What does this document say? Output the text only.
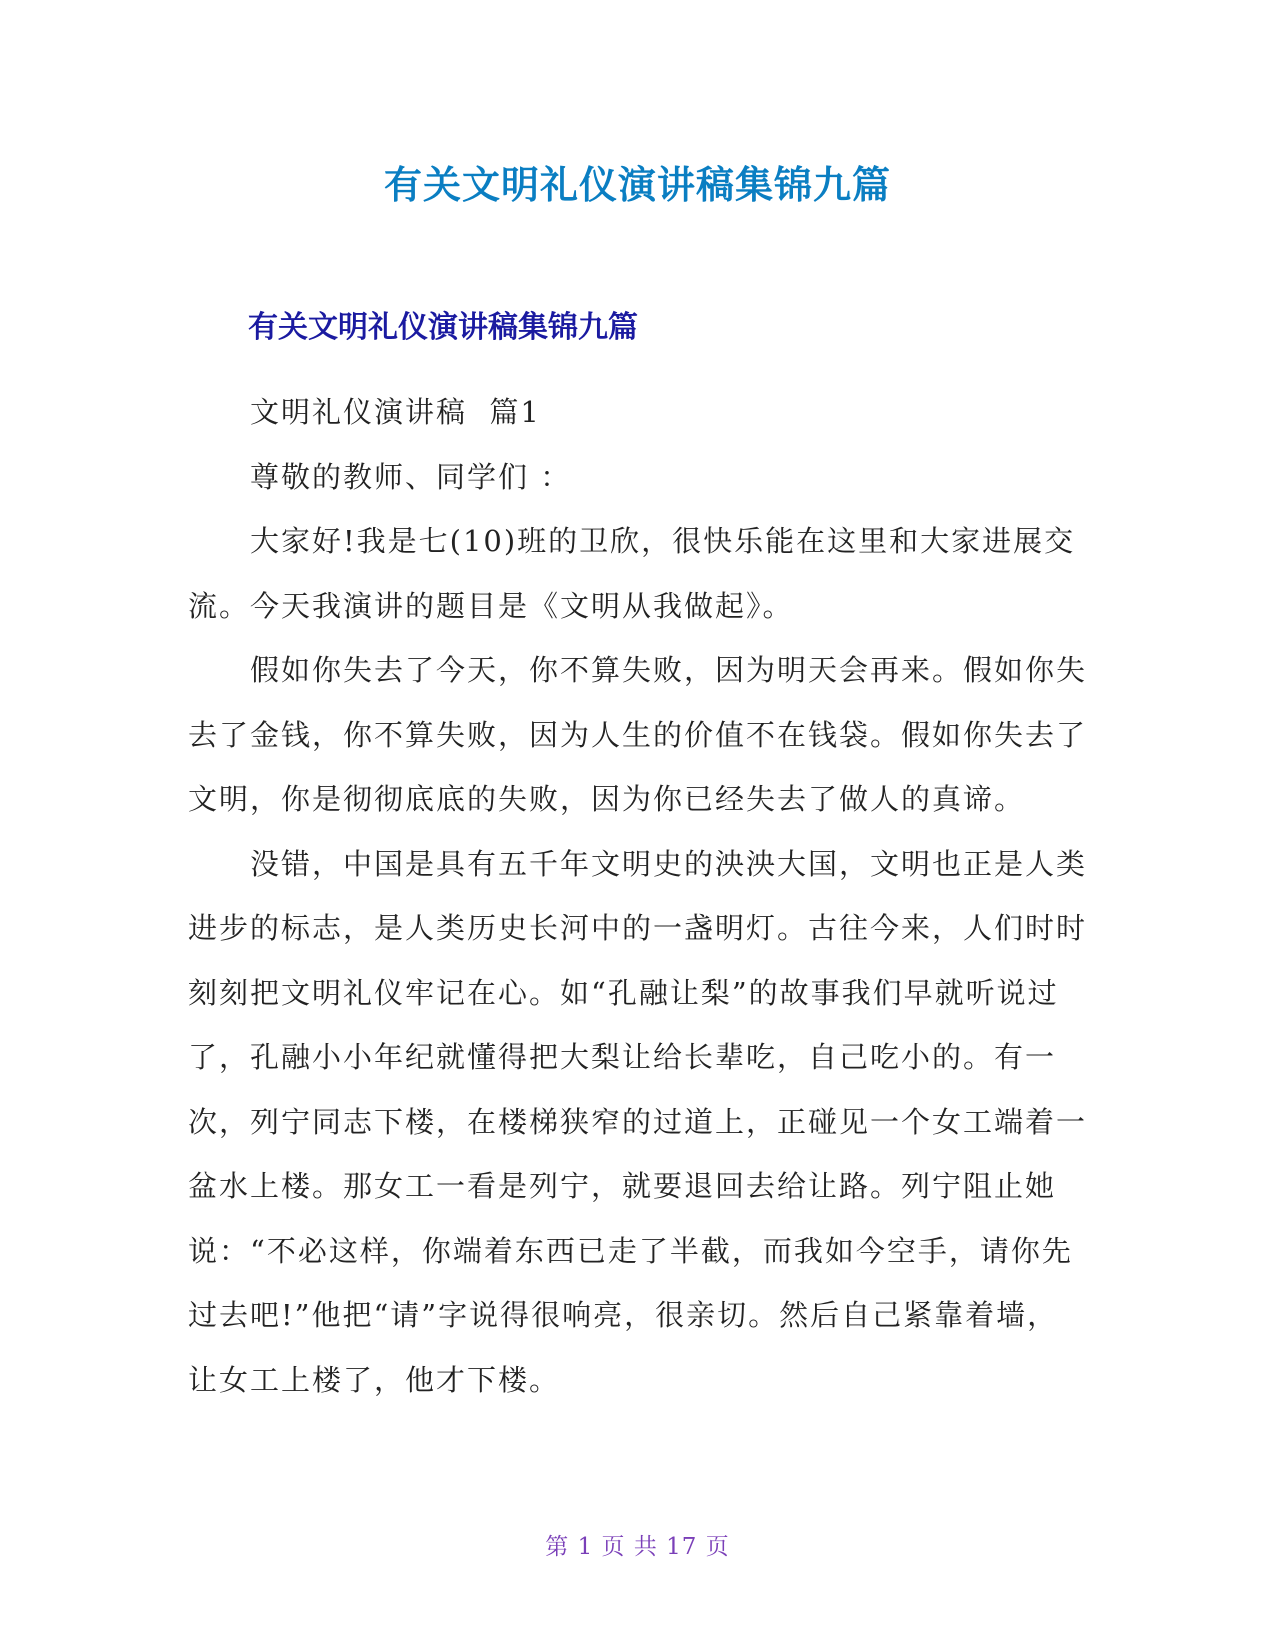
有关文明礼仪演讲稿集锦九篇
有关文明礼仪演讲稿集锦九篇

文明礼仪演讲稿  篇1

尊敬的教师、同学们 ：

大家好!我是七(10)班的卫欣，很快乐能在这里和大家进展交流。今天我演讲的题目是《文明从我做起》。

假如你失去了今天，你不算失败，因为明天会再来。假如你失去了金钱，你不算失败，因为人生的价值不在钱袋。假如你失去了文明，你是彻彻底底的失败，因为你已经失去了做人的真谛。

没错，中国是具有五千年文明史的泱泱大国，文明也正是人类进步的标志，是人类历史长河中的一盏明灯。古往今来，人们时时刻刻把文明礼仪牢记在心。如“孔融让梨”的故事我们早就听说过了，孔融小小年纪就懂得把大梨让给长辈吃，自己吃小的。有一次，列宁同志下楼，在楼梯狭窄的过道上，正碰见一个女工端着一盆水上楼。那女工一看是列宁，就要退回去给让路。列宁阻止她说：“不必这样，你端着东西已走了半截，而我如今空手，请你先过去吧!”他把“请”字说得很响亮，很亲切。然后自己紧靠着墙，让女工上楼了，他才下楼。

第 1 页 共 17 页
